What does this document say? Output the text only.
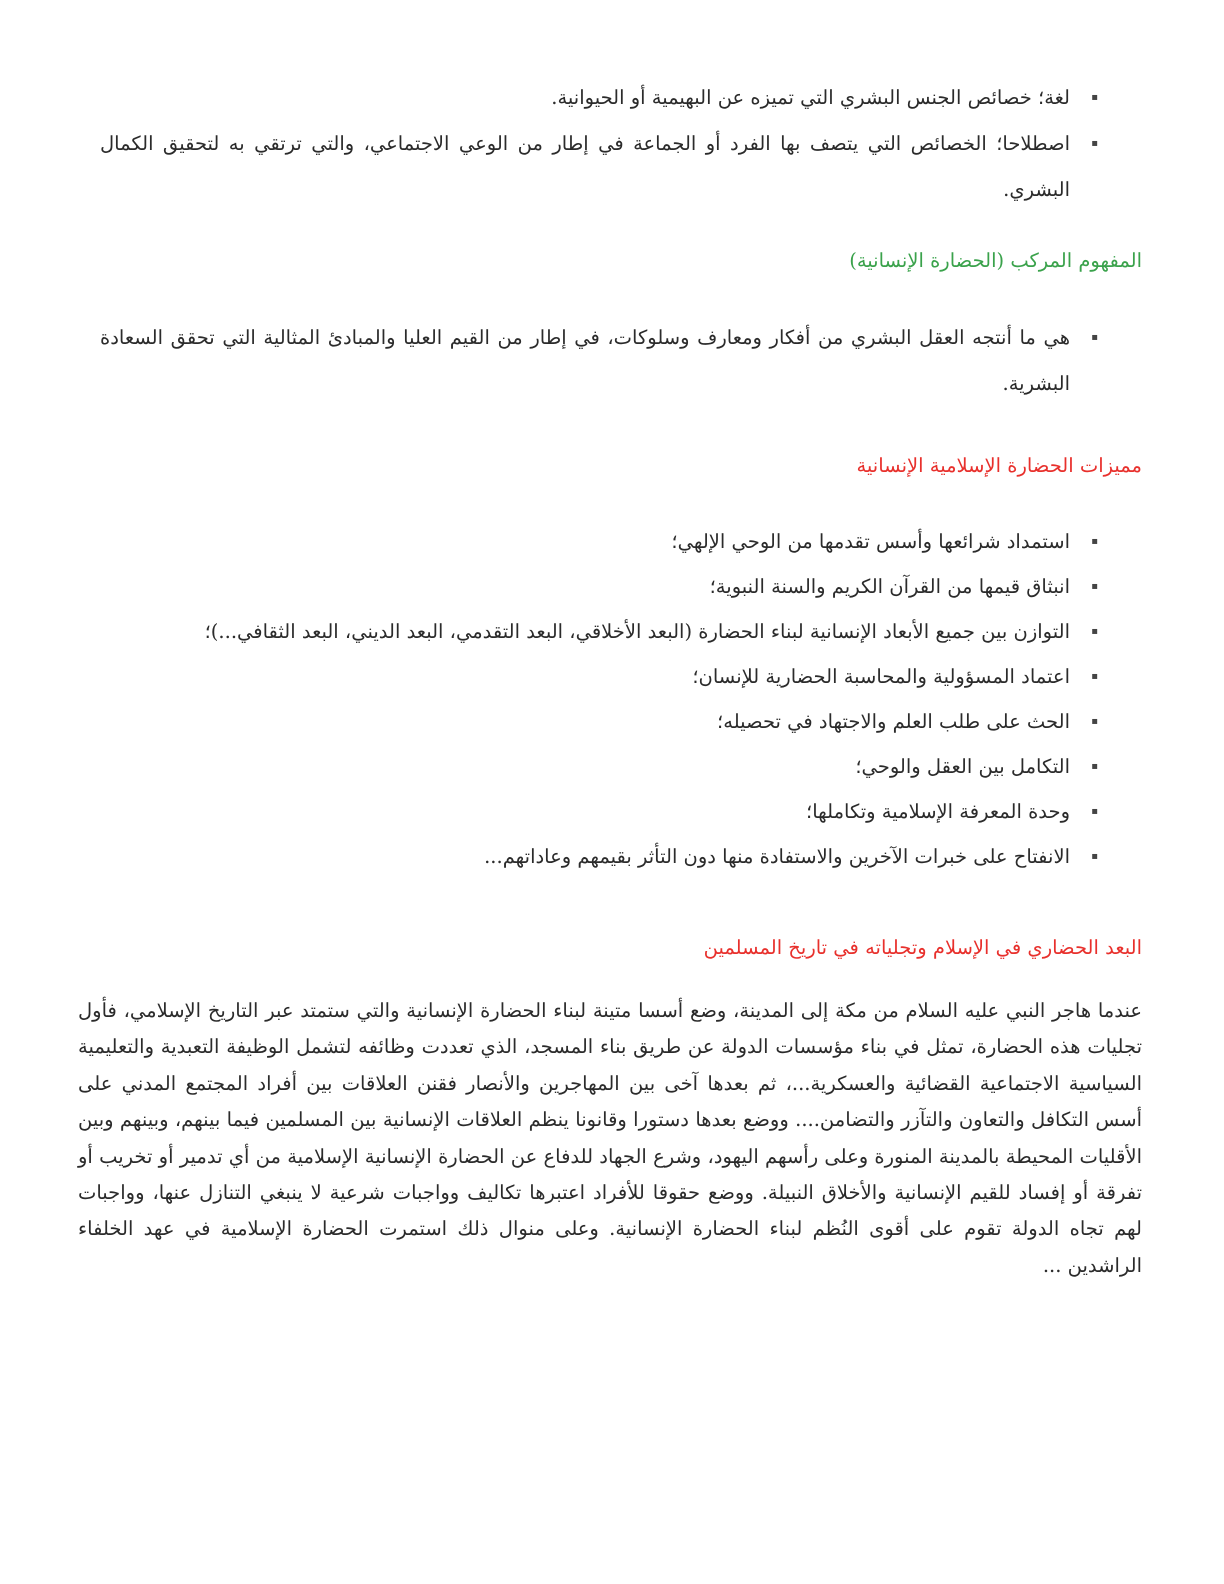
▪
لغة؛ خصائص الجنس البشري التي تميزه عن البهيمية أو الحيوانية.
▪
اصطلاحا؛ الخصائص التي يتصف بها الفرد أو الجماعة في إطار من الوعي الاجتماعي، والتي ترتقي به لتحقيق الكمال البشري.
المفهوم المركب (الحضارة الإنسانية)
▪
هي ما أنتجه العقل البشري من أفكار ومعارف وسلوكات، في إطار من القيم العليا والمبادئ المثالية التي تحقق السعادة البشرية.
مميزات الحضارة الإسلامية الإنسانية
▪
استمداد شرائعها وأسس تقدمها من الوحي الإلهي؛
▪
انبثاق قيمها من القرآن الكريم والسنة النبوية؛
▪
التوازن بين جميع الأبعاد الإنسانية لبناء الحضارة (البعد الأخلاقي، البعد التقدمي، البعد الديني، البعد الثقافي...)؛
▪
اعتماد المسؤولية والمحاسبة الحضارية للإنسان؛
▪
الحث على طلب العلم والاجتهاد في تحصيله؛
▪
التكامل بين العقل والوحي؛
▪
وحدة المعرفة الإسلامية وتكاملها؛
▪
الانفتاح على خبرات الآخرين والاستفادة منها دون التأثر بقيمهم وعاداتهم...
البعد الحضاري في الإسلام وتجلياته في تاريخ المسلمين

عندما هاجر النبي عليه السلام من مكة إلى المدينة، وضع أسسا متينة لبناء الحضارة الإنسانية والتي ستمتد عبر التاريخ الإسلامي، فأول تجليات هذه الحضارة، تمثل في بناء مؤسسات الدولة عن طريق بناء المسجد، الذي تعددت وظائفه لتشمل الوظيفة التعبدية والتعليمية السياسية الاجتماعية القضائية والعسكرية...، ثم بعدها آخى بين المهاجرين والأنصار فقنن العلاقات بين أفراد المجتمع المدني على أسس التكافل والتعاون والتآزر والتضامن.... ووضع بعدها دستورا وقانونا ينظم العلاقات الإنسانية بين المسلمين فيما بينهم، وبينهم وبين الأقليات المحيطة بالمدينة المنورة وعلى رأسهم اليهود، وشرع الجهاد للدفاع عن الحضارة الإنسانية الإسلامية من أي تدمير أو تخريب أو تفرقة أو إفساد للقيم الإنسانية والأخلاق النبيلة. ووضع حقوقا للأفراد اعتبرها تكاليف وواجبات شرعية لا ينبغي التنازل عنها، وواجبات لهم تجاه الدولة تقوم على أقوى النُظم لبناء الحضارة الإنسانية. وعلى منوال ذلك استمرت الحضارة الإسلامية في عهد الخلفاء الراشدين ...
